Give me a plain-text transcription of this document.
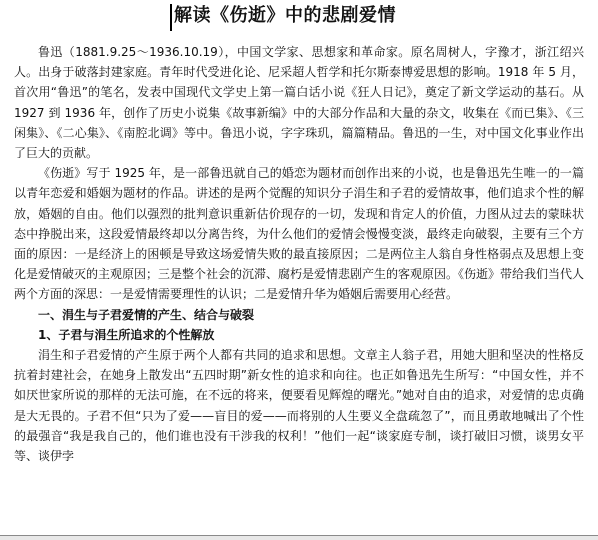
解读《伤逝》中的悲剧爱情

鲁迅（1881.9.25～1936.10.19），中国文学家、思想家和革命家。原名周树人，字豫才，浙江绍兴人。出身于破落封建家庭。青年时代受进化论、尼采超人哲学和托尔斯泰博爱思想的影响。1918 年 5 月，首次用“鲁迅”的笔名，发表中国现代文学史上第一篇白话小说《狂人日记》，奠定了新文学运动的基石。从 1927 到 1936 年，创作了历史小说集《故事新编》中的大部分作品和大量的杂文，收集在《而已集》、《三闲集》、《二心集》、《南腔北调》等中。鲁迅小说，字字珠玑，篇篇精品。鲁迅的一生，对中国文化事业作出了巨大的贡献。

《伤逝》写于 1925 年，是一部鲁迅就自己的婚恋为题材而创作出来的小说，也是鲁迅先生唯一的一篇以青年恋爱和婚姻为题材的作品。讲述的是两个觉醒的知识分子涓生和子君的爱情故事，他们追求个性的解放，婚姻的自由。他们以强烈的批判意识重新估价现存的一切，发现和肯定人的价值，力图从过去的蒙昧状态中挣脱出来，这段爱情最终却以分离告终，为什么他们的爱情会慢慢变淡，最终走向破裂，主要有三个方面的原因：一是经济上的困顿是导致这场爱情失败的最直接原因；二是两位主人翁自身性格弱点及思想上变化是爱情破灭的主观原因；三是整个社会的沉滞、腐朽是爱情悲剧产生的客观原因。《伤逝》带给我们当代人两个方面的深思：一是爱情需要理性的认识；二是爱情升华为婚姻后需要用心经营。

一、涓生与子君爱情的产生、结合与破裂
1、子君与涓生所追求的个性解放

涓生和子君爱情的产生原于两个人都有共同的追求和思想。文章主人翁子君，用她大胆和坚决的性格反抗着封建社会，在她身上散发出“五四时期”新女性的追求和向往。也正如鲁迅先生所写：“中国女性，并不如厌世家所说的那样的无法可施，在不远的将来，便要看见辉煌的曙光。”她对自由的追求，对爱情的忠贞确是大无畏的。子君不但“只为了爱——盲目的爱——而将别的人生要义全盘疏忽了”，而且勇敢地喊出了个性的最强音“我是我自己的，他们谁也没有干涉我的权利！”他们一起“谈家庭专制，谈打破旧习惯，谈男女平等、谈伊孛
